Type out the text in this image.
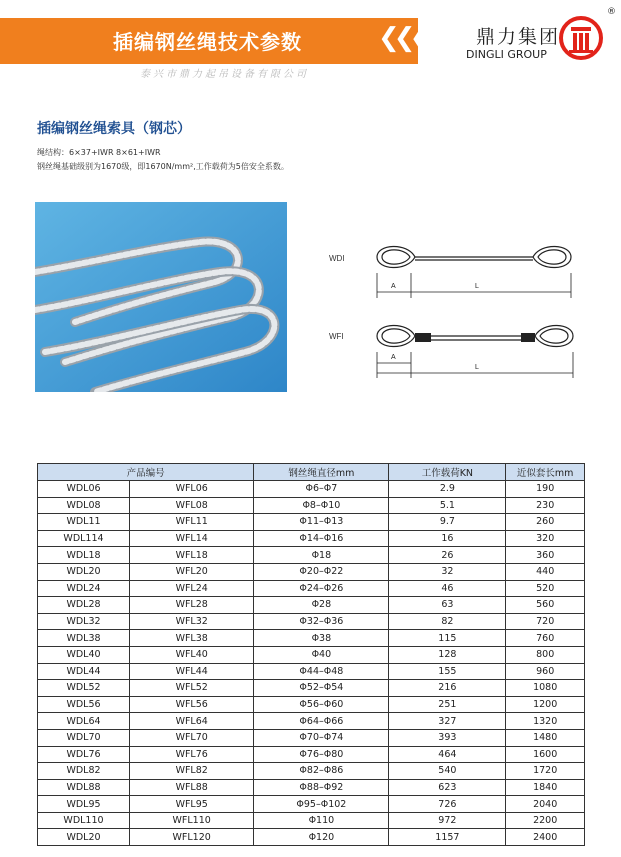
插编钢丝绳技术参数	❮❮❮
泰兴市鼎力起吊设备有限公司
鼎力集团
DINGLI GROUP
®
插编钢丝绳索具（钢芯）
绳结构：6×37+IWR 8×61+IWR
钢丝绳基础级别为1670级，即1670N/mm²,工作载荷为5倍安全系数。
WDI
A	L
WFI
A
L
产品编号		钢丝绳直径mm	工作载荷KN	近似套长mm
WDL06	WFL06	Φ6–Φ7	2.9	190
WDL08	WFL08	Φ8–Φ10	5.1	230
WDL11	WFL11	Φ11–Φ13	9.7	260
WDL114	WFL14	Φ14–Φ16	16	320
WDL18	WFL18	Φ18	26	360
WDL20	WFL20	Φ20–Φ22	32	440
WDL24	WFL24	Φ24–Φ26	46	520
WDL28	WFL28	Φ28	63	560
WDL32	WFL32	Φ32–Φ36	82	720
WDL38	WFL38	Φ38	115	760
WDL40	WFL40	Φ40	128	800
WDL44	WFL44	Φ44–Φ48	155	960
WDL52	WFL52	Φ52–Φ54	216	1080
WDL56	WFL56	Φ56–Φ60	251	1200
WDL64	WFL64	Φ64–Φ66	327	1320
WDL70	WFL70	Φ70–Φ74	393	1480
WDL76	WFL76	Φ76–Φ80	464	1600
WDL82	WFL82	Φ82–Φ86	540	1720
WDL88	WFL88	Φ88–Φ92	623	1840
WDL95	WFL95	Φ95–Φ102	726	2040
WDL110	WFL110	Φ110	972	2200
WDL20	WFL120	Φ120	1157	2400
